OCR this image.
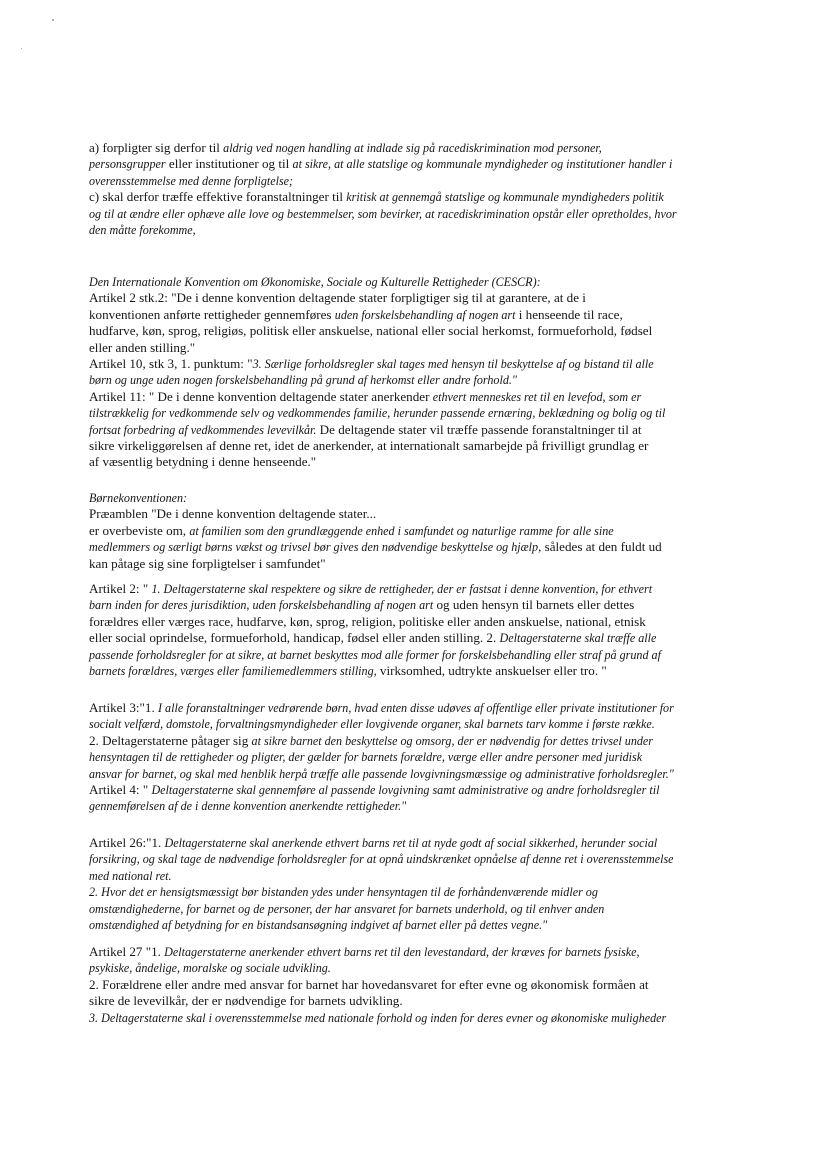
a) forpligter sig derfor til aldrig ved nogen handling at indlade sig på racediskrimination mod personer,
personsgrupper eller institutioner og til at sikre, at alle statslige og kommunale myndigheder og institutioner handler i
overensstemmelse med denne forpligtelse;
c) skal derfor træffe effektive foranstaltninger til kritisk at gennemgå statslige og kommunale myndigheders politik
og til at ændre eller ophæve alle love og bestemmelser, som bevirker, at racediskrimination opstår eller opretholdes, hvor
den måtte forekomme,

Den Internationale Konvention om Økonomiske, Sociale og Kulturelle Rettigheder (CESCR):
Artikel 2 stk.2: "De i denne konvention deltagende stater forpligtiger sig til at garantere, at de i
konventionen anførte rettigheder gennemføres uden forskelsbehandling af nogen art i henseende til race,
hudfarve, køn, sprog, religiøs, politisk eller anskuelse, national eller social herkomst, formueforhold, fødsel
eller anden stilling."
Artikel 10, stk 3, 1. punktum: "3. Særlige forholdsregler skal tages med hensyn til beskyttelse af og bistand til alle
børn og unge uden nogen forskelsbehandling på grund af herkomst eller andre forhold."
Artikel 11: " De i denne konvention deltagende stater anerkender ethvert menneskes ret til en levefod, som er
tilstrækkelig for vedkommende selv og vedkommendes familie, herunder passende ernæring, beklædning og bolig og til
fortsat forbedring af vedkommendes levevilkår. De deltagende stater vil træffe passende foranstaltninger til at
sikre virkeliggørelsen af denne ret, idet de anerkender, at internationalt samarbejde på frivilligt grundlag er
af væsentlig betydning i denne henseende."

Børnekonventionen:
Præamblen "De i denne konvention deltagende stater...
er overbeviste om, at familien som den grundlæggende enhed i samfundet og naturlige ramme for alle sine
medlemmers og særligt børns vækst og trivsel bør gives den nødvendige beskyttelse og hjælp, således at den fuldt ud
kan påtage sig sine forpligtelser i samfundet"

Artikel 2: " 1. Deltagerstaterne skal respektere og sikre de rettigheder, der er fastsat i denne konvention, for ethvert
barn inden for deres jurisdiktion, uden forskelsbehandling af nogen art og uden hensyn til barnets eller dettes
forældres eller værges race, hudfarve, køn, sprog, religion, politiske eller anden anskuelse, national, etnisk
eller social oprindelse, formueforhold, handicap, fødsel eller anden stilling. 2. Deltagerstaterne skal træffe alle
passende forholdsregler for at sikre, at barnet beskyttes mod alle former for forskelsbehandling eller straf på grund af
barnets forældres, værges eller familiemedlemmers stilling, virksomhed, udtrykte anskuelser eller tro. "

Artikel 3:"1. I alle foranstaltninger vedrørende børn, hvad enten disse udøves af offentlige eller private institutioner for
socialt velfærd, domstole, forvaltningsmyndigheder eller lovgivende organer, skal barnets tarv komme i første række.
2. Deltagerstaterne påtager sig at sikre barnet den beskyttelse og omsorg, der er nødvendig for dettes trivsel under
hensyntagen til de rettigheder og pligter, der gælder for barnets forældre, værge eller andre personer med juridisk
ansvar for barnet, og skal med henblik herpå træffe alle passende lovgivningsmæssige og administrative forholdsregler."
Artikel 4: " Deltagerstaterne skal gennemføre al passende lovgivning samt administrative og andre forholdsregler til
gennemførelsen af de i denne konvention anerkendte rettigheder."

Artikel 26:"1. Deltagerstaterne skal anerkende ethvert barns ret til at nyde godt af social sikkerhed, herunder social
forsikring, og skal tage de nødvendige forholdsregler for at opnå uindskrænket opnåelse af denne ret i overensstemmelse
med national ret.
2. Hvor det er hensigtsmæssigt bør bistanden ydes under hensyntagen til de forhåndenværende midler og
omstændighederne, for barnet og de personer, der har ansvaret for barnets underhold, og til enhver anden
omstændighed af betydning for en bistandsansøgning indgivet af barnet eller på dettes vegne."

Artikel 27 "1. Deltagerstaterne anerkender ethvert barns ret til den levestandard, der kræves for barnets fysiske,
psykiske, åndelige, moralske og sociale udvikling.
2. Forældrene eller andre med ansvar for barnet har hovedansvaret for efter evne og økonomisk formåen at
sikre de levevilkår, der er nødvendige for barnets udvikling.
3. Deltagerstaterne skal i overensstemmelse med nationale forhold og inden for deres evner og økonomiske muligheder
